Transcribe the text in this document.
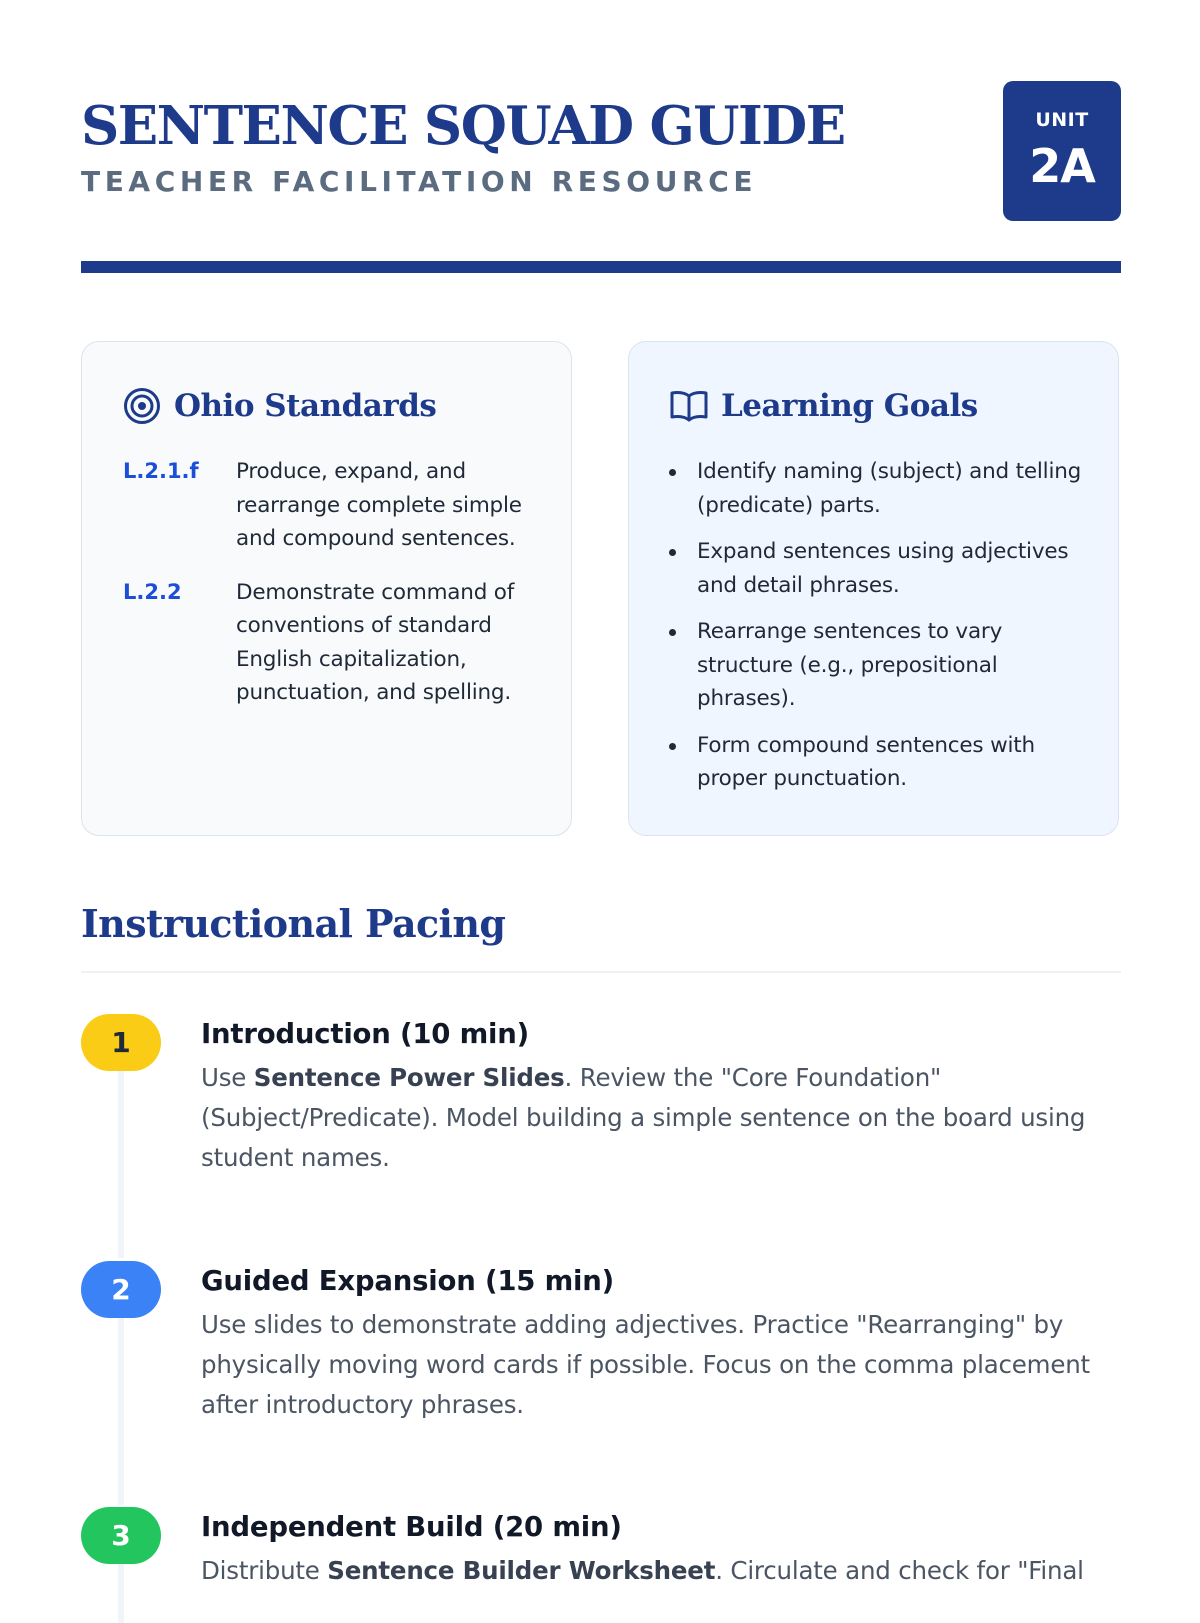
SENTENCE SQUAD GUIDE
TEACHER FACILITATION RESOURCE
UNIT
2A
Ohio Standards
L.2.1.f	Produce, expand, and rearrange complete simple and compound sentences.
L.2.2	Demonstrate command of conventions of standard English capitalization, punctuation, and spelling.
Learning Goals
Identify naming (subject) and telling (predicate) parts.
Expand sentences using adjectives and detail phrases.
Rearrange sentences to vary structure (e.g., prepositional phrases).
Form compound sentences with proper punctuation.
Instructional Pacing
1	Introduction (10 min)
Use Sentence Power Slides. Review the "Core Foundation" (Subject/Predicate). Model building a simple sentence on the board using student names.
2	Guided Expansion (15 min)
Use slides to demonstrate adding adjectives. Practice "Rearranging" by physically moving word cards if possible. Focus on the comma placement after introductory phrases.
3	Independent Build (20 min)
Distribute Sentence Builder Worksheet. Circulate and check for "Final
